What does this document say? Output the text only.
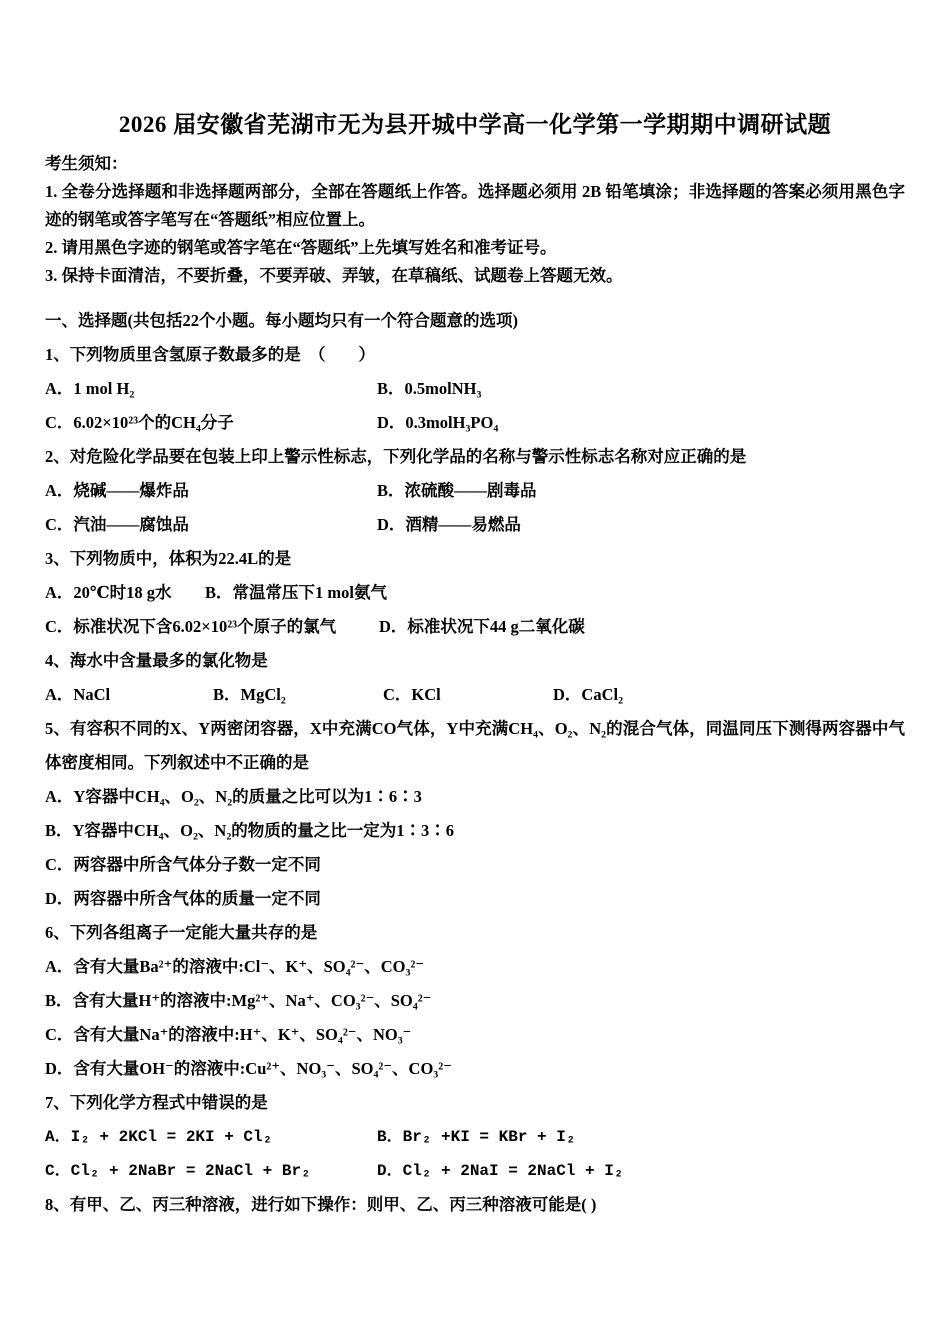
2026 届安徽省芜湖市无为县开城中学高一化学第一学期期中调研试题
考生须知：
1. 全卷分选择题和非选择题两部分，全部在答题纸上作答。选择题必须用 2B 铅笔填涂；非选择题的答案必须用黑色字迹的钢笔或答字笔写在“答题纸”相应位置上。
2. 请用黑色字迹的钢笔或答字笔在“答题纸”上先填写姓名和准考证号。
3. 保持卡面清洁，不要折叠，不要弄破、弄皱，在草稿纸、试题卷上答题无效。
一、选择题(共包括22个小题。每小题均只有一个符合题意的选项)
1、下列物质里含氢原子数最多的是　（　　）
A．1 mol H₂	B．0.5molNH₃
C．6.02×10²³个的CH₄分子	D．0.3molH₃PO₄
2、对危险化学品要在包装上印上警示性标志，下列化学品的名称与警示性标志名称对应正确的是
A．烧碱——爆炸品	B．浓硫酸——剧毒品
C．汽油——腐蚀品	D．酒精——易燃品
3、下列物质中，体积为22.4L的是
A．20℃时18 g水 B．常温常压下1 mol氨气
C．标准状况下含6.02×10²³个原子的氯气	D．标准状况下44 g二氧化碳
4、海水中含量最多的氯化物是
A．NaCl	B．MgCl₂	C．KCl	D．CaCl₂
5、有容积不同的X、Y两密闭容器，X中充满CO气体，Y中充满CH₄、O₂、N₂的混合气体，同温同压下测得两容器中气体密度相同。下列叙述中不正确的是
A．Y容器中CH₄、O₂、N₂的质量之比可以为1∶6∶3
B．Y容器中CH₄、O₂、N₂的物质的量之比一定为1∶3∶6
C．两容器中所含气体分子数一定不同
D．两容器中所含气体的质量一定不同
6、下列各组离子一定能大量共存的是
A．含有大量Ba²⁺的溶液中:Cl⁻、K⁺、SO₄²⁻、CO₃²⁻
B．含有大量H⁺的溶液中:Mg²⁺、Na⁺、CO₃²⁻、SO₄²⁻
C．含有大量Na⁺的溶液中:H⁺、K⁺、SO₄²⁻、NO₃⁻
D．含有大量OH⁻的溶液中:Cu²⁺、NO₃⁻、SO₄²⁻、CO₃²⁻
7、下列化学方程式中错误的是
A．I₂ + 2KCl = 2KI + Cl₂	B．Br₂ +KI = KBr + I₂
C．Cl₂ + 2NaBr = 2NaCl + Br₂	D．Cl₂ + 2NaI = 2NaCl + I₂
8、有甲、乙、丙三种溶液，进行如下操作：则甲、乙、丙三种溶液可能是( )
